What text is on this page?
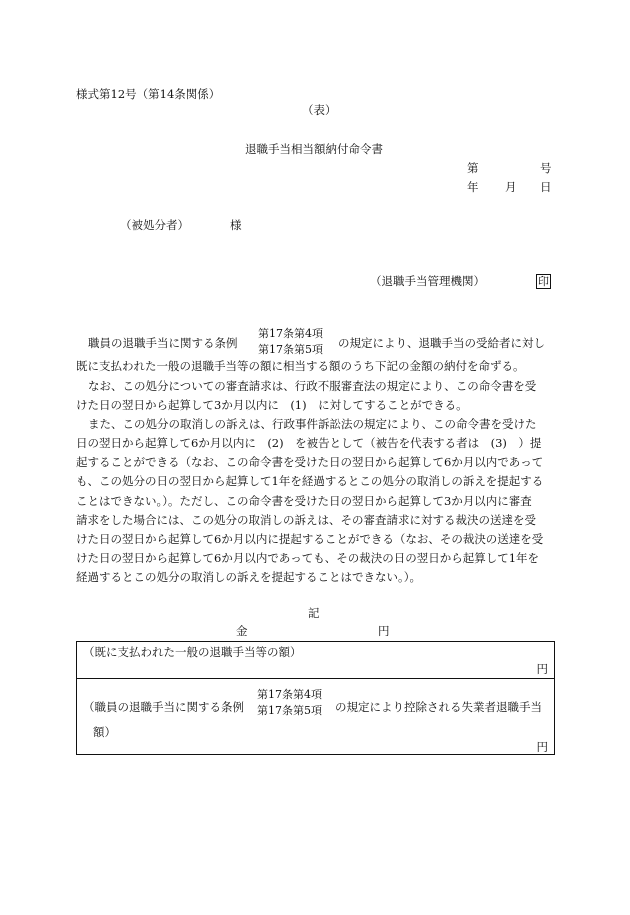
様式第12号（第14条関係）
（表）
退職手当相当額納付命令書
第	号
年 月 日
（被処分者）	様
（退職手当管理機関）	印
職員の退職手当に関する条例
第17条第4項
第17条第5項 の規定により、退職手当の受給者に対し
既に支払われた一般の退職手当等の額に相当する額のうち下記の金額の納付を命ずる。
なお、この処分についての審査請求は、行政不服審査法の規定により、この命令書を受
けた日の翌日から起算して3か月以内に　(1)　に対してすることができる。
また、この処分の取消しの訴えは、行政事件訴訟法の規定により、この命令書を受けた
日の翌日から起算して6か月以内に　(2)　を被告として（被告を代表する者は　(3)　）提
起することができる（なお、この命令書を受けた日の翌日から起算して6か月以内であって
も、この処分の日の翌日から起算して1年を経過するとこの処分の取消しの訴えを提起する
ことはできない。）。ただし、この命令書を受けた日の翌日から起算して3か月以内に審査
請求をした場合には、この処分の取消しの訴えは、その審査請求に対する裁決の送達を受
けた日の翌日から起算して6か月以内に提起することができる（なお、その裁決の送達を受
けた日の翌日から起算して6か月以内であっても、その裁決の日の翌日から起算して1年を
経過するとこの処分の取消しの訴えを提起することはできない。）。
記
金	円
（既に支払われた一般の退職手当等の額）
円
（職員の退職手当に関する条例
第17条第4項
第17条第5項 の規定により控除される失業者退職手当
額）
円
